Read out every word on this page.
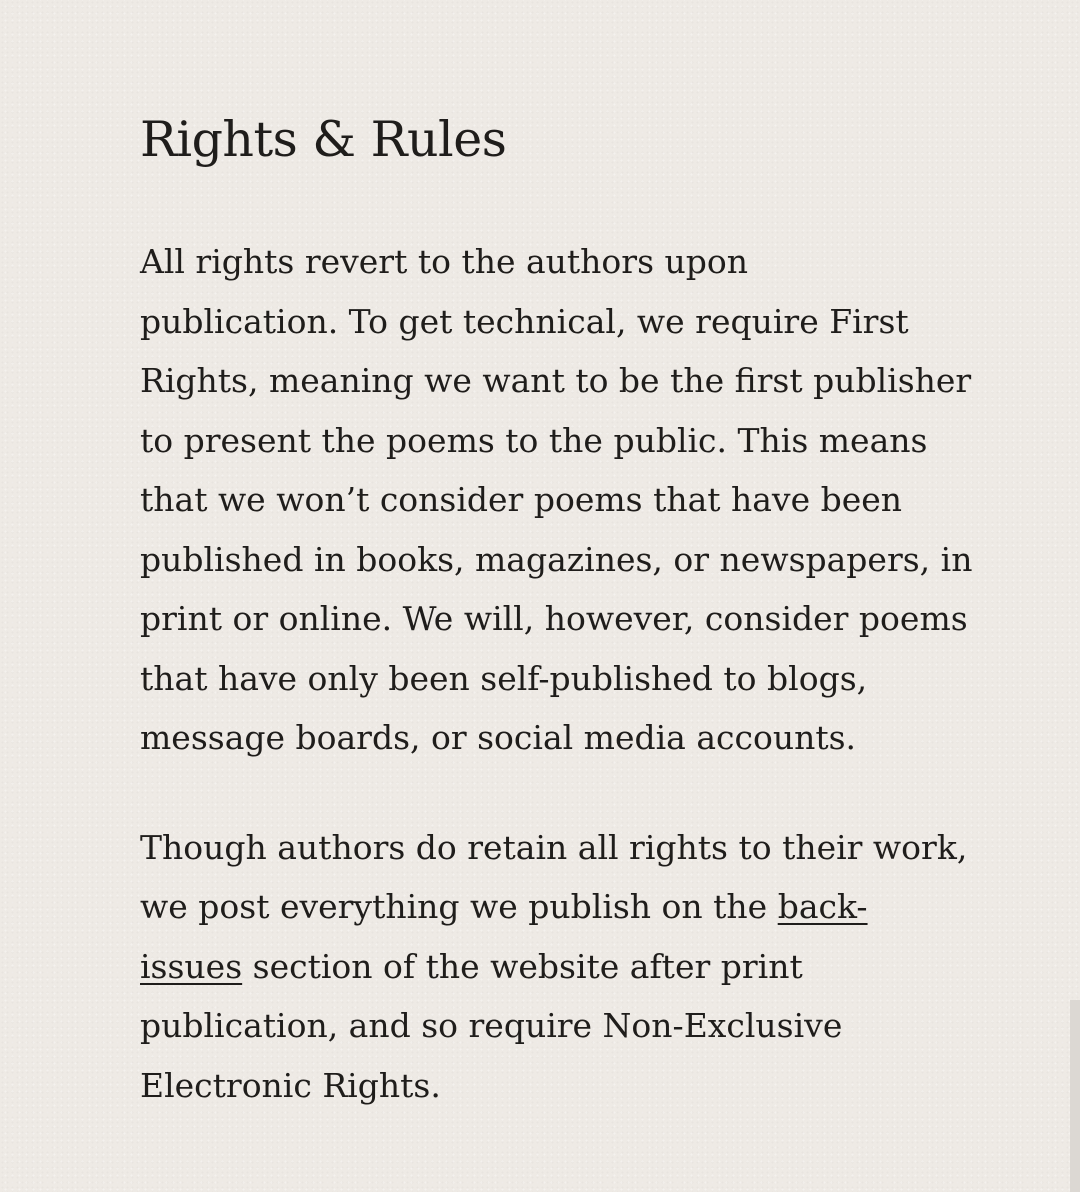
Rights & Rules

All rights revert to the authors upon
publication. To get technical, we require First
Rights, meaning we want to be the first publisher
to present the poems to the public. This means
that we won’t consider poems that have been
published in books, magazines, or newspapers, in
print or online. We will, however, consider poems
that have only been self-published to blogs,
message boards, or social media accounts.

Though authors do retain all rights to their work,
we post everything we publish on the back-
issues section of the website after print
publication, and so require Non-Exclusive
Electronic Rights.
